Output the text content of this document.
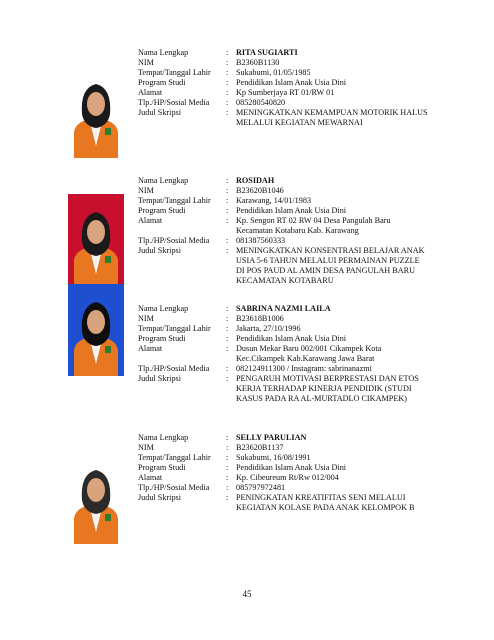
Nama Lengkap	: RITA SUGIARTI
NIM	: B2360B1130
Tempat/Tanggal Lahir	: Sukabumi, 01/05/1985
Program Studi	: Pendidikan Islam Anak Usia Dini
Alamat	: Kp Sumberjaya RT 01/RW 01
Tlp./HP/Sosial Media	: 085280540820
Judul Skripsi	: MENINGKATKAN KEMAMPUAN MOTORIK HALUS
MELALUI KEGIATAN MEWARNAI
Nama Lengkap	: ROSIDAH
NIM	: B23620B1046
Tempat/Tanggal Lahir	: Karawang, 14/01/1983
Program Studi	: Pendidikan Islam Anak Usia Dini
Alamat	: Kp. Sengon RT 02 RW 04 Desa Pangulah Baru
Kecamatan Kotabaru Kab. Karawang
Tlp./HP/Sosial Media	: 081387560333
Judul Skripsi	: MENINGKATKAN KONSENTRASI BELAJAR ANAK
USIA 5-6 TAHUN MELALUI PERMAINAN PUZZLE
DI POS PAUD AL AMIN DESA PANGULAH BARU
KECAMATAN KOTABARU
Nama Lengkap	: SABRINA NAZMI LAILA
NIM	: B23618B1006
Tempat/Tanggal Lahir	: Jakarta, 27/10/1996
Program Studi	: Pendidikan Islam Anak Usia Dini
Alamat	: Dusun Mekar Baru 002/001 Cikampek Kota
Kec.Cikampek Kab.Karawang Jawa Barat
Tlp./HP/Sosial Media	: 082124911300 / Instagram: sabrinanazmi
Judul Skripsi	: PENGARUH MOTIVASI BERPRESTASI DAN ETOS
KERJA TERHADAP KINERJA PENDIDIK (STUDI
KASUS PADA RA AL-MURTADLO CIKAMPEK)
Nama Lengkap	: SELLY PARULIAN
NIM	: B23620B1137
Tempat/Tanggal Lahir	: Sukabumi, 16/08/1991
Program Studi	: Pendidikan Islam Anak Usia Dini
Alamat	: Kp. Cibeureum Rt/Rw 012/004
Tlp./HP/Sosial Media	: 085797972481
Judul Skripsi	: PENINGKATAN KREATIFITAS SENI MELALUI
KEGIATAN KOLASE PADA ANAK KELOMPOK B
45
